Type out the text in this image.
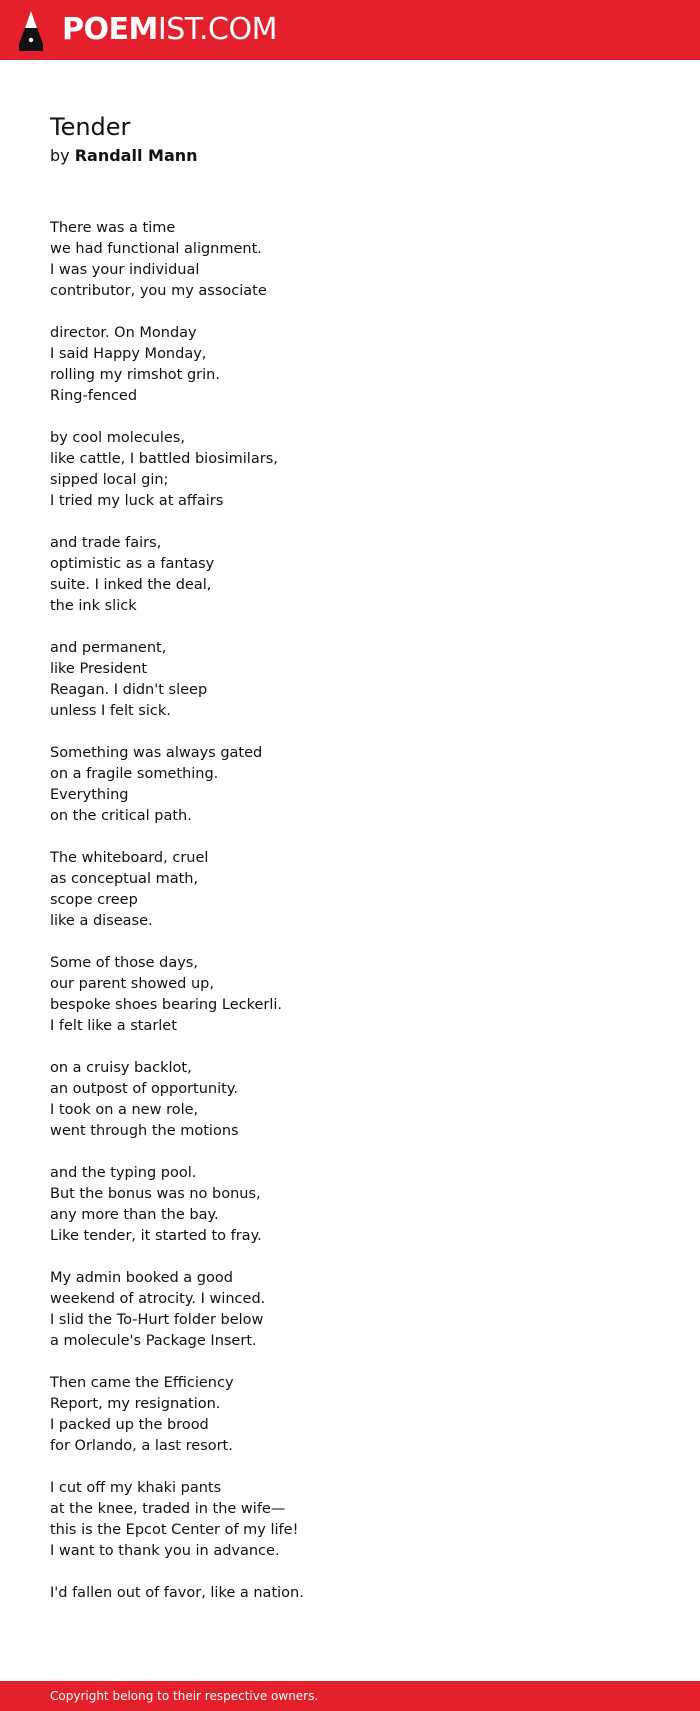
POEMIST.COM
Tender
by Randall Mann
There was a time
we had functional alignment.
I was your individual
contributor, you my associate
director. On Monday
I said Happy Monday,
rolling my rimshot grin.
Ring-fenced
by cool molecules,
like cattle, I battled biosimilars,
sipped local gin;
I tried my luck at affairs
and trade fairs,
optimistic as a fantasy
suite. I inked the deal,
the ink slick
and permanent,
like President
Reagan. I didn't sleep
unless I felt sick.
Something was always gated
on a fragile something.
Everything
on the critical path.
The whiteboard, cruel
as conceptual math,
scope creep
like a disease.
Some of those days,
our parent showed up,
bespoke shoes bearing Leckerli.
I felt like a starlet
on a cruisy backlot,
an outpost of opportunity.
I took on a new role,
went through the motions
and the typing pool.
But the bonus was no bonus,
any more than the bay.
Like tender, it started to fray.
My admin booked a good
weekend of atrocity. I winced.
I slid the To-Hurt folder below
a molecule's Package Insert.
Then came the Efficiency
Report, my resignation.
I packed up the brood
for Orlando, a last resort.
I cut off my khaki pants
at the knee, traded in the wife—
this is the Epcot Center of my life!
I want to thank you in advance.
I'd fallen out of favor, like a nation.
Copyright belong to their respective owners.
